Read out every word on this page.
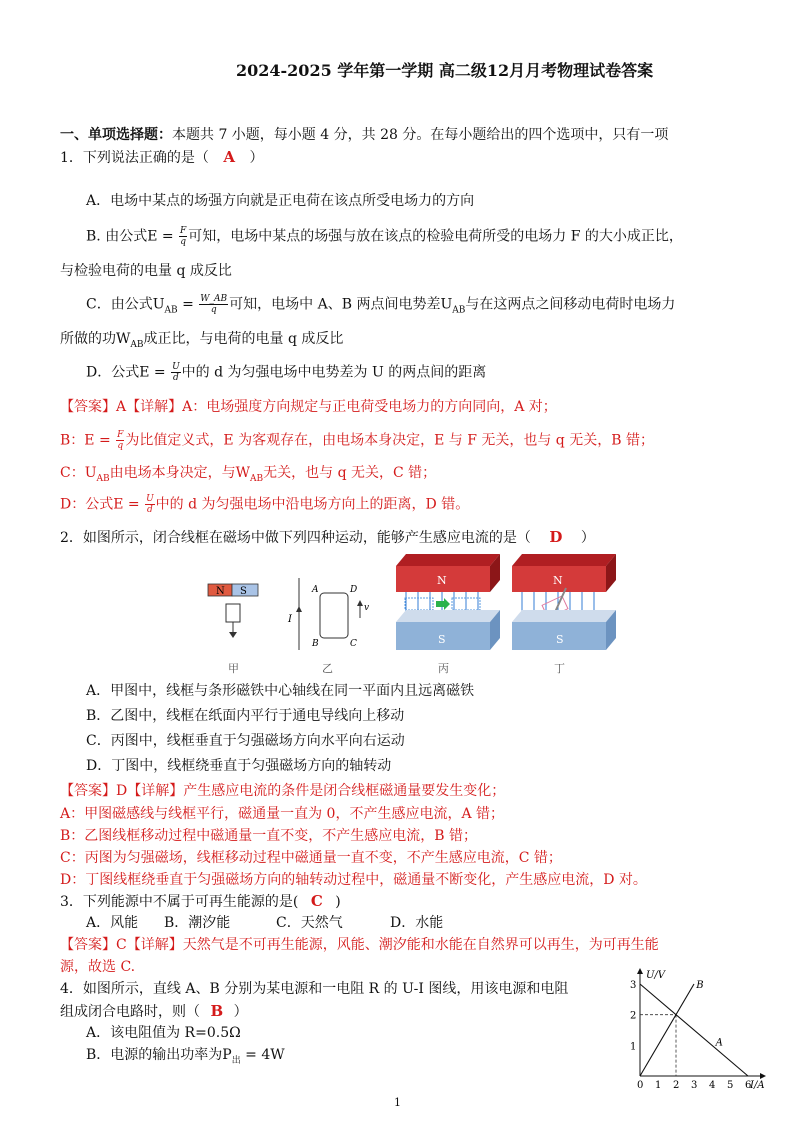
2024-2025 学年第一学期 高二级12月月考物理试卷答案
一、单项选择题：本题共 7 小题，每小题 4 分，共 28 分。在每小题给出的四个选项中，只有一项
1．下列说法正确的是（ A ）
A．电场中某点的场强方向就是正电荷在该点所受电场力的方向
B. 由公式$E = \frac{F}{q}$ 可知，电场中某点的场强与放在该点的检验电荷所受的电场力 F 的大小成正比，
与检验电荷的电量 q 成反比
C．由公式$U_{AB} = \frac{W\_AB}{q}$ 可知，电场中 A、B 两点间电势差$U_{AB}$与在这两点之间移动电荷时电场力
所做的功$W_{AB}$成正比，与电荷的电量 q 成反比
D．公式$E = \frac{U}{d}$ 中的 d 为匀强电场中电势差为 U 的两点间的距离
【答案】A【详解】A：电场强度方向规定与正电荷受电场力的方向同向，A 对；
B：$E = \frac{F}{q}$ 为比值定义式，E 为客观存在，由电场本身决定，E 与 F 无关，也与 q 无关，B 错；
C：$U_{AB}$由电场本身决定，与$W_{AB}$无关，也与 q 无关，C 错；
D：公式$E = \frac{U}{d}$ 中的 d 为匀强电场中沿电场方向上的距离，D 错。
2．如图所示，闭合线框在磁场中做下列四种运动，能够产生感应电流的是（ D ）
N S
I
A	D
B	C
v
N
S
N
S
甲	乙	丙	丁
A．甲图中，线框与条形磁铁中心轴线在同一平面内且远离磁铁
B．乙图中，线框在纸面内平行于通电导线向上移动
C．丙图中，线框垂直于匀强磁场方向水平向右运动
D．丁图中，线框绕垂直于匀强磁场方向的轴转动
【答案】D【详解】产生感应电流的条件是闭合线框磁通量要发生变化；
A：甲图磁感线与线框平行，磁通量一直为 0，不产生感应电流，A 错；
B：乙图线框移动过程中磁通量一直不变，不产生感应电流，B 错；
C：丙图为匀强磁场，线框移动过程中磁通量一直不变，不产生感应电流，C 错；
D：丁图线框绕垂直于匀强磁场方向的轴转动过程中，磁通量不断变化，产生感应电流，D 对。
3．下列能源中不属于可再生能源的是( C )
A．风能 B．潮汐能	C．天然气	D．水能
【答案】C【详解】天然气是不可再生能源，风能、潮汐能和水能在自然界可以再生，为可再生能
源，故选 C.
4．如图所示，直线 A、B 分别为某电源和一电阻 R 的 U-I 图线，用该电源和电阻
组成闭合电路时，则（ B ）
A．该电阻值为 R=0.5Ω
B．电源的输出功率为$P_出 = 4W$
U/V
I/A
0 1 2 3 4 5 6
1
2
3
A
B
1
